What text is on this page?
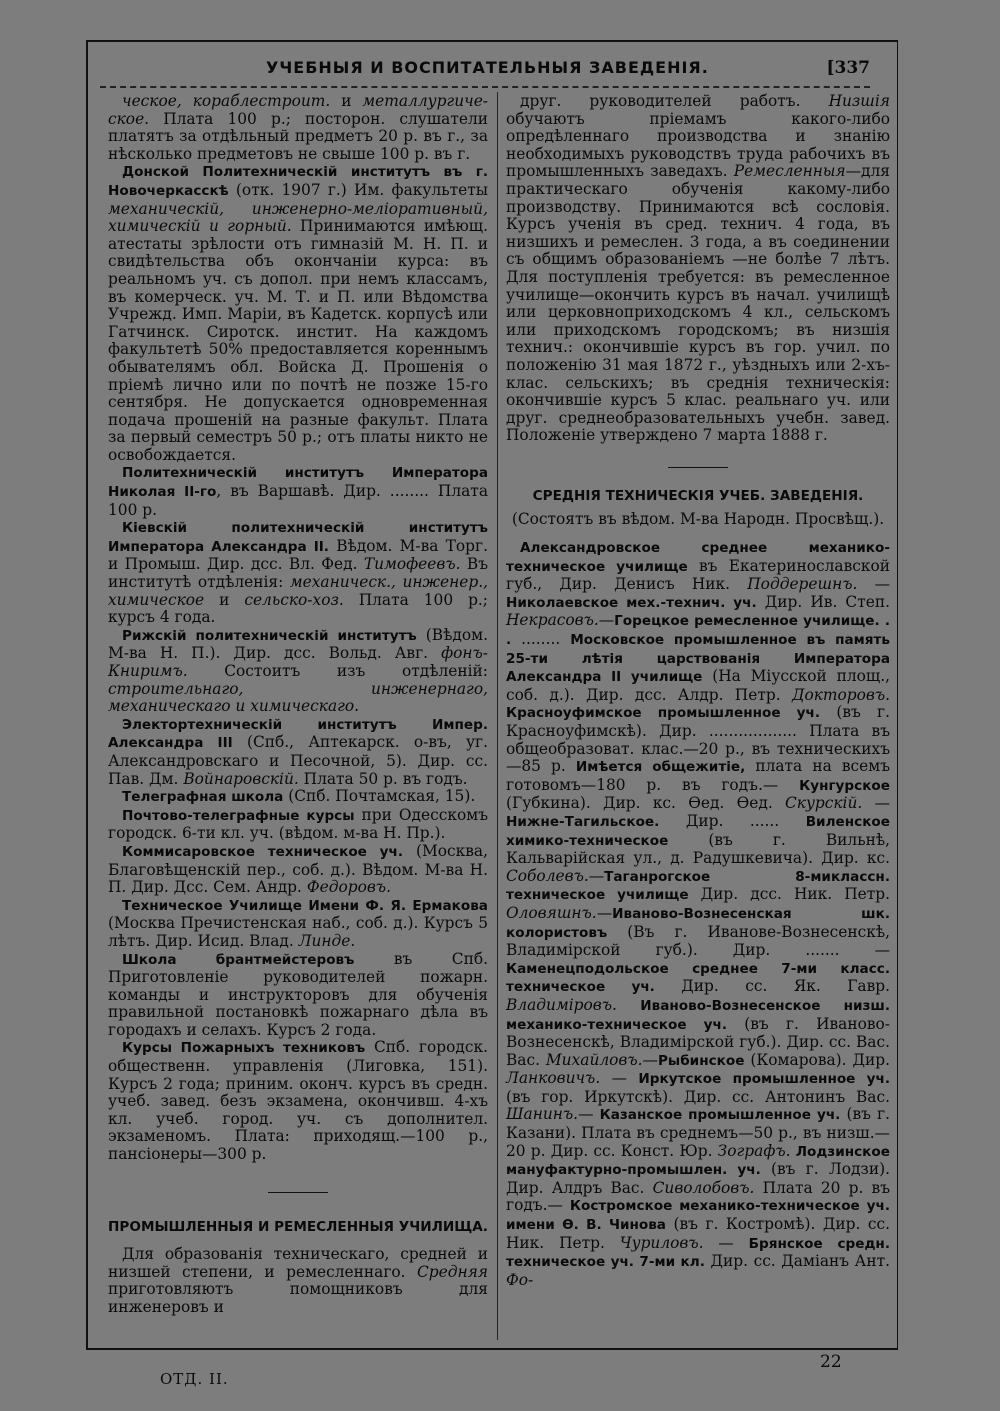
УЧЕБНЫЯ И ВОСПИТАТЕЛЬНЫЯ ЗАВЕДЕНІЯ.	[337

ческое, кораблестроит. и металлургиче-ское. Плата 100 р.; посторон. слушатели платятъ за отдѣльный предметъ 20 р. въ г., за нѣсколько предметовъ не свыше 100 р. въ г.

Донской Политехническій институтъ въ г. Новочеркасскѣ (отк. 1907 г.) Им. факультеты механическій, инженерно-меліоративный, химическій и горный. Принимаются имѣющ. атестаты зрѣлости отъ гимназій М. Н. П. и свидѣтельства объ окончаніи курса: въ реальномъ уч. съ допол. при немъ классамъ, въ комерческ. уч. М. Т. и П. или Вѣдомства Учрежд. Имп. Маріи, въ Кадетск. корпусѣ или Гатчинск. Сиротск. инстит. На каждомъ факультетѣ 50% предоставляется кореннымъ обывателямъ обл. Войска Д. Прошенія о пріемѣ лично или по почтѣ не позже 15-го сентября. Не допускается одновременная подача прошеній на разные факульт. Плата за первый семестръ 50 р.; отъ платы никто не освобождается.

Политехническій институтъ Императора Николая II-го, въ Варшавѣ. Дир. ........ Плата 100 р.

Кіевскій политехническій институтъ Императора Александра II. Вѣдом. М-ва Торг. и Промыш. Дир. дсс. Вл. Фед. Тимофеевъ. Въ институтѣ отдѣленія: механическ., инженер., химическое и сельско-хоз. Плата 100 р.; курсъ 4 года.

Рижскій политехническій институтъ (Вѣдом. М-ва Н. П.). Дир. дсс. Вольд. Авг. фонъ-Книримъ. Состоитъ изъ отдѣленій: строительнаго, инженернаго, механическаго и химическаго.

Электортехническій институтъ Импер. Александра III (Спб., Аптекарск. о-въ, уг. Александровскаго и Песочной, 5). Дир. сс. Пав. Дм. Войнаровскій. Плата 50 р. въ годъ.

Телеграфная школа (Спб. Почтамская, 15).

Почтово-телеграфные курсы при Одесскомъ городск. 6-ти кл. уч. (вѣдом. м-ва Н. Пр.).

Коммисаровское техническое уч. (Москва, Благовѣщенскій пер., соб. д.). Вѣдом. М-ва Н. П. Дир. Дсс. Сем. Андр. Федоровъ.

Техническое Училище Имени Ф. Я. Ермакова (Москва Пречистенская наб., соб. д.). Курсъ 5 лѣтъ. Дир. Исид. Влад. Линде.

Школа брантмейстеровъ въ Спб. Приготовленіе руководителей пожарн. команды и инструкторовъ для обученія правильной постановкѣ пожарнаго дѣла въ городахъ и селахъ. Курсъ 2 года.

Курсы Пожарныхъ техниковъ Спб. городск. общественн. управленія (Лиговка, 151). Курсъ 2 года; приним. оконч. курсъ въ средн. учеб. завед. безъ экзамена, окончивш. 4-хъ кл. учеб. город. уч. съ дополнител. экзаменомъ. Плата: приходящ.—100 р., пансіонеры—300 р.

ПРОМЫШЛЕННЫЯ И РЕМЕСЛЕННЫЯ УЧИЛИЩА.

Для образованія техническаго, средней и низшей степени, и ремесленнаго. Средняя приготовляютъ помощниковъ для инженеровъ и

друг. руководителей работъ. Низшія обучаютъ пріемамъ какого-либо опредѣленнаго производства и знанію необходимыхъ руководствъ труда рабочихъ въ промышленныхъ заведахъ. Ремесленныя—для практическаго обученія какому-либо производству. Принимаются всѣ сословія. Курсъ ученія въ сред. технич. 4 года, въ низшихъ и ремеслен. 3 года, а въ соединении съ общимъ образованіемъ —не болѣе 7 лѣтъ. Для поступленія требуется: въ ремесленное училище—окончить курсъ въ начал. училищѣ или церковноприходскомъ 4 кл., сельскомъ или приходскомъ городскомъ; въ низшія технич.: окончившіе курсъ въ гор. учил. по положенію 31 мая 1872 г., уѣздныхъ или 2-хъ-клас. сельскихъ; въ среднія техническія: окончившіе курсъ 5 клас. реальнаго уч. или друг. среднеобразовательныхъ учебн. завед. Положеніе утверждено 7 марта 1888 г.

СРЕДНІЯ ТЕХНИЧЕСКІЯ УЧЕБ. ЗАВЕДЕНІЯ.

(Состоятъ въ вѣдом. М-ва Народн. Просвѣщ.).

Александровское среднее механико-техническое училище въ Екатеринославской губ., Дир. Денисъ Ник. Поддерешнъ. — Николаевское мех.-технич. уч. Дир. Ив. Степ. Некрасовъ.—Горецкое ремесленное училище. . . ........ Московское промышленное въ память 25-ти лѣтія царствованія Императора Александра II училище (На Міусской площ., соб. д.). Дир. дсс. Алдр. Петр. Докторовъ. Красноуфимское промышленное уч. (въ г. Красноуфимскѣ). Дир. .................. Плата въ общеобразоват. клас.—20 р., въ техническихъ —85 р. Имѣется общежитіе, плата на всемъ готовомъ—180 р. въ годъ.— Кунгурское (Губкина). Дир. кс. Ѳед. Ѳед. Скурскій. — Нижне-Тагильское. Дир. ...... Виленское химико-техническое (въ г. Вильнѣ, Кальварійская ул., д. Радушкевича). Дир. кс. Соболевъ.—Таганрогское 8-миклассн. техническое училище Дир. дсс. Ник. Петр. Оловяшнъ.—Иваново-Вознесенская шк. колористовъ (Въ г. Иванове-Вознесенскѣ, Владимірской губ.). Дир. ....... — Каменецподольское среднее 7-ми класс. техническое уч. Дир. сс. Як. Гавр. Владиміровъ. Иваново-Вознесенское низш. механико-техническое уч. (въ г. Иваново-Вознесенскѣ, Владимірской губ.). Дир. сс. Вас. Вас. Михайловъ.—Рыбинское (Комарова). Дир. Ланковичъ. — Иркутское промышленное уч. (въ гор. Иркутскѣ). Дир. сс. Антонинъ Вас. Шанинъ.— Казанское промышленное уч. (въ г. Казани). Плата въ среднемъ—50 р., въ низш.—20 р. Дир. сс. Конст. Юр. Зографъ. Лодзинское мануфактурно-промышлен. уч. (въ г. Лодзи). Дир. Алдръ Вас. Сиволобовъ. Плата 20 р. въ годъ.— Костромское механико-техническое уч. имени Ѳ. В. Чинова (въ г. Костромѣ). Дир. сс. Ник. Петр. Чуриловъ. — Брянское средн. техническое уч. 7-ми кл. Дир. сс. Даміанъ Ант. Фо-

ОТД. II.
22
